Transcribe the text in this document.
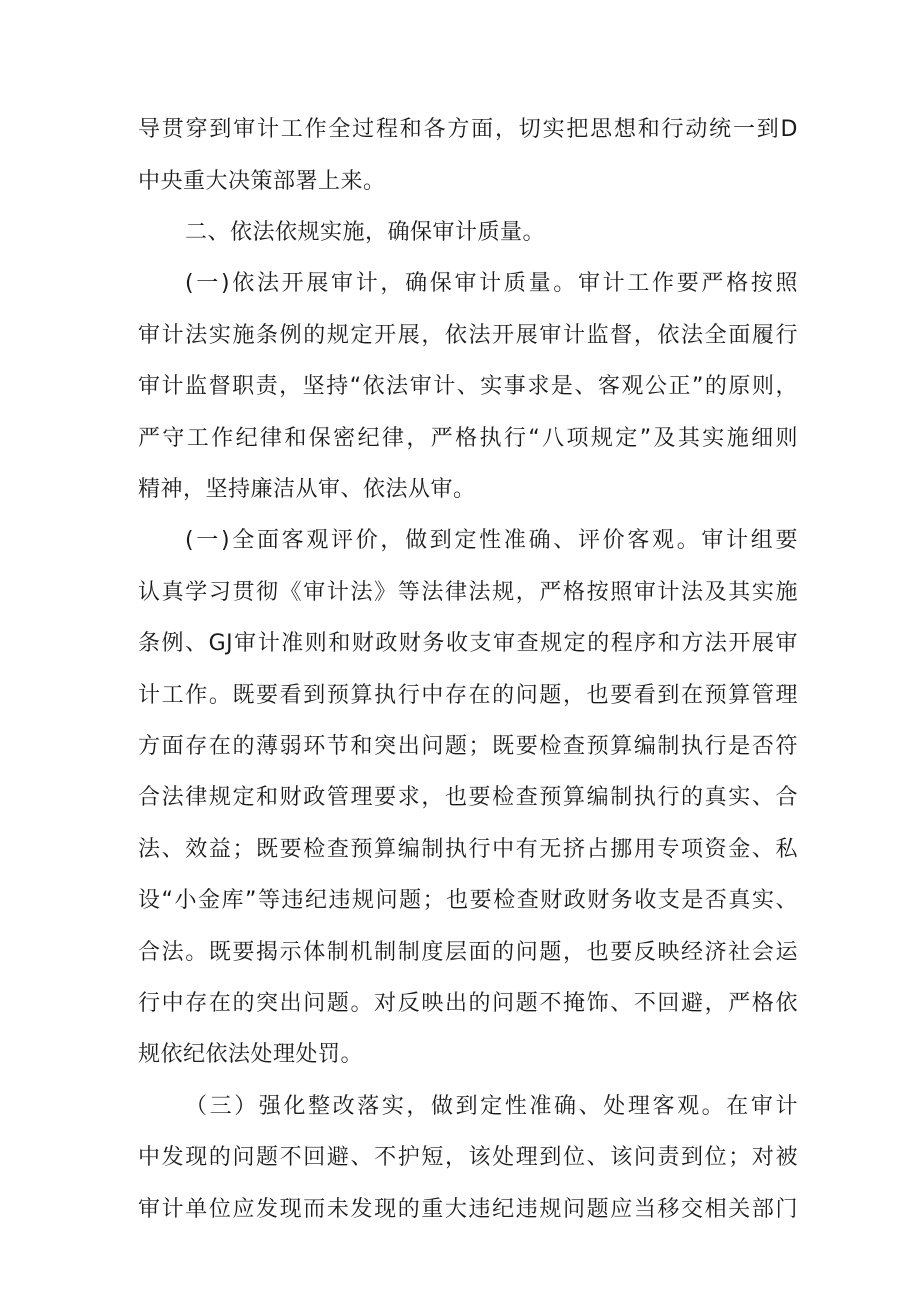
导贯穿到审计工作全过程和各方面，切实把思想和行动统一到D
中央重大决策部署上来。
二、依法依规实施，确保审计质量。
(一)依法开展审计，确保审计质量。审计工作要严格按照
审计法实施条例的规定开展，依法开展审计监督，依法全面履行
审计监督职责，坚持“依法审计、实事求是、客观公正”的原则，
严守工作纪律和保密纪律，严格执行“八项规定”及其实施细则
精神，坚持廉洁从审、依法从审。
(一)全面客观评价，做到定性准确、评价客观。审计组要
认真学习贯彻《审计法》等法律法规，严格按照审计法及其实施
条例、GJ审计准则和财政财务收支审查规定的程序和方法开展审
计工作。既要看到预算执行中存在的问题，也要看到在预算管理
方面存在的薄弱环节和突出问题；既要检查预算编制执行是否符
合法律规定和财政管理要求，也要检查预算编制执行的真实、合
法、效益；既要检查预算编制执行中有无挤占挪用专项资金、私
设“小金库”等违纪违规问题；也要检查财政财务收支是否真实、
合法。既要揭示体制机制制度层面的问题，也要反映经济社会运
行中存在的突出问题。对反映出的问题不掩饰、不回避，严格依
规依纪依法处理处罚。
（三）强化整改落实，做到定性准确、处理客观。在审计
中发现的问题不回避、不护短，该处理到位、该问责到位；对被
审计单位应发现而未发现的重大违纪违规问题应当移交相关部门
